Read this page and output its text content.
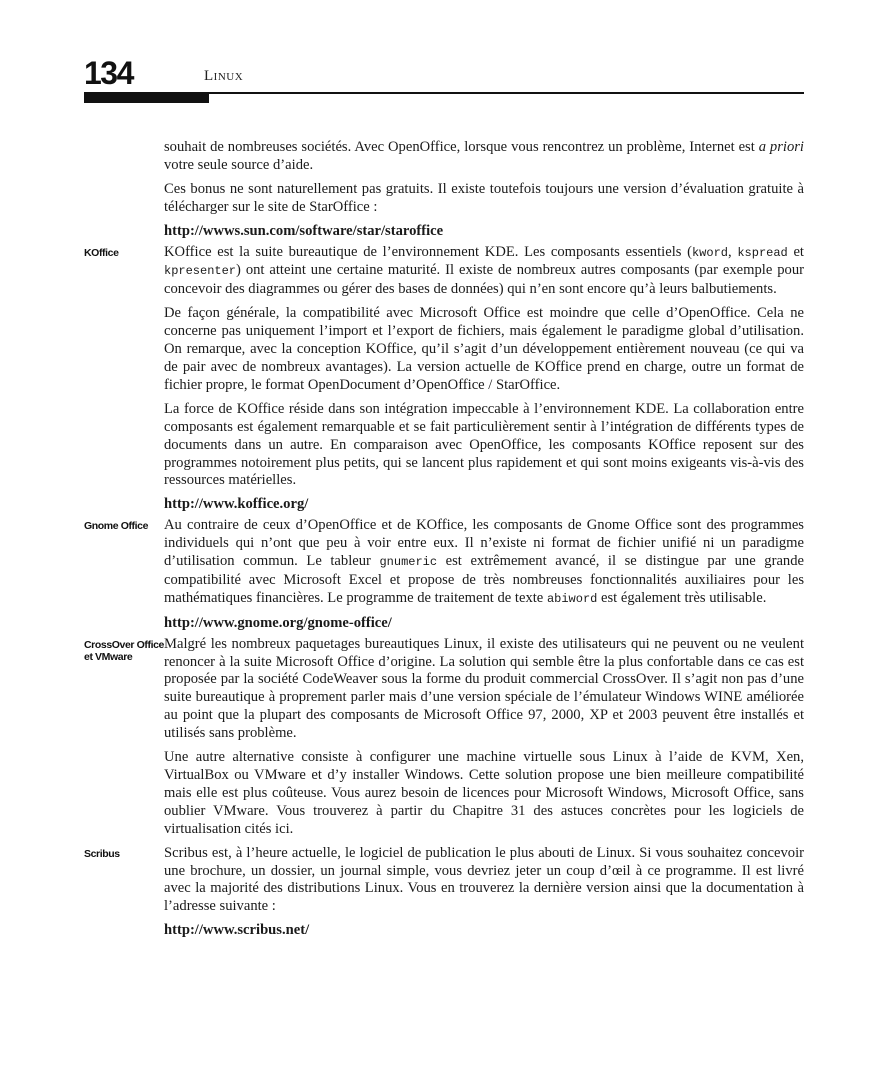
134	Linux

souhait de nombreuses sociétés. Avec OpenOffice, lorsque vous rencontrez un problème, Internet est a priori votre seule source d’aide.

Ces bonus ne sont naturellement pas gratuits. Il existe toutefois toujours une version d’évaluation gratuite à télécharger sur le site de StarOffice :

http://wwws.sun.com/software/star/staroffice

KOffice	KOffice est la suite bureautique de l’environnement KDE. Les composants essentiels (kword, kspread et kpresenter) ont atteint une certaine maturité. Il existe de nombreux autres composants (par exemple pour concevoir des diagrammes ou gérer des bases de données) qui n’en sont encore qu’à leurs balbutiements.

De façon générale, la compatibilité avec Microsoft Office est moindre que celle d’OpenOffice. Cela ne concerne pas uniquement l’import et l’export de fichiers, mais également le paradigme global d’utilisation. On remarque, avec la conception KOffice, qu’il s’agit d’un développement entièrement nouveau (ce qui va de pair avec de nombreux avantages). La version actuelle de KOffice prend en charge, outre un format de fichier propre, le format OpenDocument d’OpenOffice / StarOffice.

La force de KOffice réside dans son intégration impeccable à l’environnement KDE. La collaboration entre composants est également remarquable et se fait particulièrement sentir à l’intégration de différents types de documents dans un autre. En comparaison avec OpenOffice, les composants KOffice reposent sur des programmes notoirement plus petits, qui se lancent plus rapidement et qui sont moins exigeants vis-à-vis des ressources matérielles.

http://www.koffice.org/

Gnome Office	Au contraire de ceux d’OpenOffice et de KOffice, les composants de Gnome Office sont des programmes individuels qui n’ont que peu à voir entre eux. Il n’existe ni format de fichier unifié ni un paradigme d’utilisation commun. Le tableur gnumeric est extrêmement avancé, il se distingue par une grande compatibilité avec Microsoft Excel et propose de très nombreuses fonctionnalités auxiliaires pour les mathématiques financières. Le programme de traitement de texte abiword est également très utilisable.

http://www.gnome.org/gnome-office/

CrossOver Office et VMware

Malgré les nombreux paquetages bureautiques Linux, il existe des utilisateurs qui ne peuvent ou ne veulent renoncer à la suite Microsoft Office d’origine. La solution qui semble être la plus confortable dans ce cas est proposée par la société CodeWeaver sous la forme du produit commercial CrossOver. Il s’agit non pas d’une suite bureautique à proprement parler mais d’une version spéciale de l’émulateur Windows WINE améliorée au point que la plupart des composants de Microsoft Office 97, 2000, XP et 2003 peuvent être installés et utilisés sans problème.

Une autre alternative consiste à configurer une machine virtuelle sous Linux à l’aide de KVM, Xen, VirtualBox ou VMware et d’y installer Windows. Cette solution propose une bien meilleure compatibilité mais elle est plus coûteuse. Vous aurez besoin de licences pour Microsoft Windows, Microsoft Office, sans oublier VMware. Vous trouverez à partir du Chapitre 31 des astuces concrètes pour les logiciels de virtualisation cités ici.

Scribus	Scribus est, à l’heure actuelle, le logiciel de publication le plus abouti de Linux. Si vous souhaitez concevoir une brochure, un dossier, un journal simple, vous devriez jeter un coup d’œil à ce programme. Il est livré avec la majorité des distributions Linux. Vous en trouverez la dernière version ainsi que la documentation à l’adresse suivante :

http://www.scribus.net/
